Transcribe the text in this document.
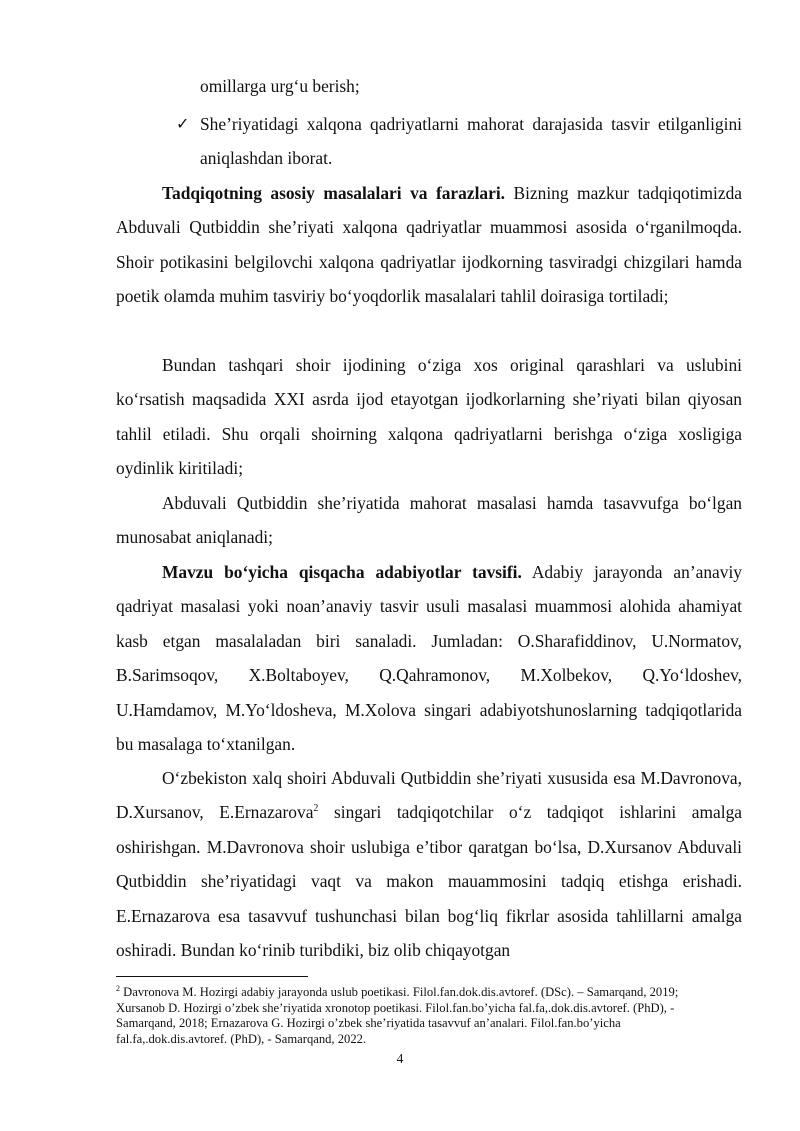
omillarga urg‘u berish;
✓ She’riyatidagi xalqona qadriyatlarni mahorat darajasida tasvir etilganligini aniqlashdan iborat.

Tadqiqotning asosiy masalalari va farazlari. Bizning mazkur tadqiqotimizda Abduvali Qutbiddin she’riyati xalqona qadriyatlar muammosi asosida o‘rganilmoqda. Shoir potikasini belgilovchi xalqona qadriyatlar ijodkorning tasviradgi chizgilari hamda poetik olamda muhim tasviriy bo‘yoqdorlik masalalari tahlil doirasiga tortiladi;

Bundan tashqari shoir ijodining o‘ziga xos original qarashlari va uslubini ko‘rsatish maqsadida XXI asrda ijod etayotgan ijodkorlarning she’riyati bilan qiyosan tahlil etiladi. Shu orqali shoirning xalqona qadriyatlarni berishga o‘ziga xosligiga oydinlik kiritiladi;

Abduvali Qutbiddin she’riyatida mahorat masalasi hamda tasavvufga bo‘lgan munosabat aniqlanadi;

Mavzu bo‘yicha qisqacha adabiyotlar tavsifi. Adabiy jarayonda an’anaviy qadriyat masalasi yoki noan’anaviy tasvir usuli masalasi muammosi alohida ahamiyat kasb etgan masalaladan biri sanaladi. Jumladan: O.Sharafiddinov, U.Normatov, B.Sarimsoqov, X.Boltaboyev, Q.Qahramonov, M.Xolbekov, Q.Yo‘ldoshev, U.Hamdamov, M.Yo‘ldosheva, M.Xolova singari adabiyotshunoslarning tadqiqotlarida bu masalaga to‘xtanilgan.

O‘zbekiston xalq shoiri Abduvali Qutbiddin she’riyati xususida esa M.Davronova, D.Xursanov, E.Ernazarova$^2$ singari tadqiqotchilar o‘z tadqiqot ishlarini amalga oshirishgan. M.Davronova shoir uslubiga e’tibor qaratgan bo‘lsa, D.Xursanov Abduvali Qutbiddin she’riyatidagi vaqt va makon mauammosini tadqiq etishga erishadi. E.Ernazarova esa tasavvuf tushunchasi bilan bog‘liq fikrlar asosida tahlillarni amalga oshiradi. Bundan ko‘rinib turibdiki, biz olib chiqayotgan

$^2$ Davronova M. Hozirgi adabiy jarayonda uslub poetikasi. Filol.fan.dok.dis.avtoref. (DSc). – Samarqand, 2019; Xursanob D. Hozirgi o’zbek she’riyatida xronotop poetikasi. Filol.fan.bo’yicha fal.fa,.dok.dis.avtoref. (PhD), - Samarqand, 2018; Ernazarova G. Hozirgi o’zbek she’riyatida tasavvuf an’analari. Filol.fan.bo’yicha fal.fa,.dok.dis.avtoref. (PhD), - Samarqand, 2022.
4
